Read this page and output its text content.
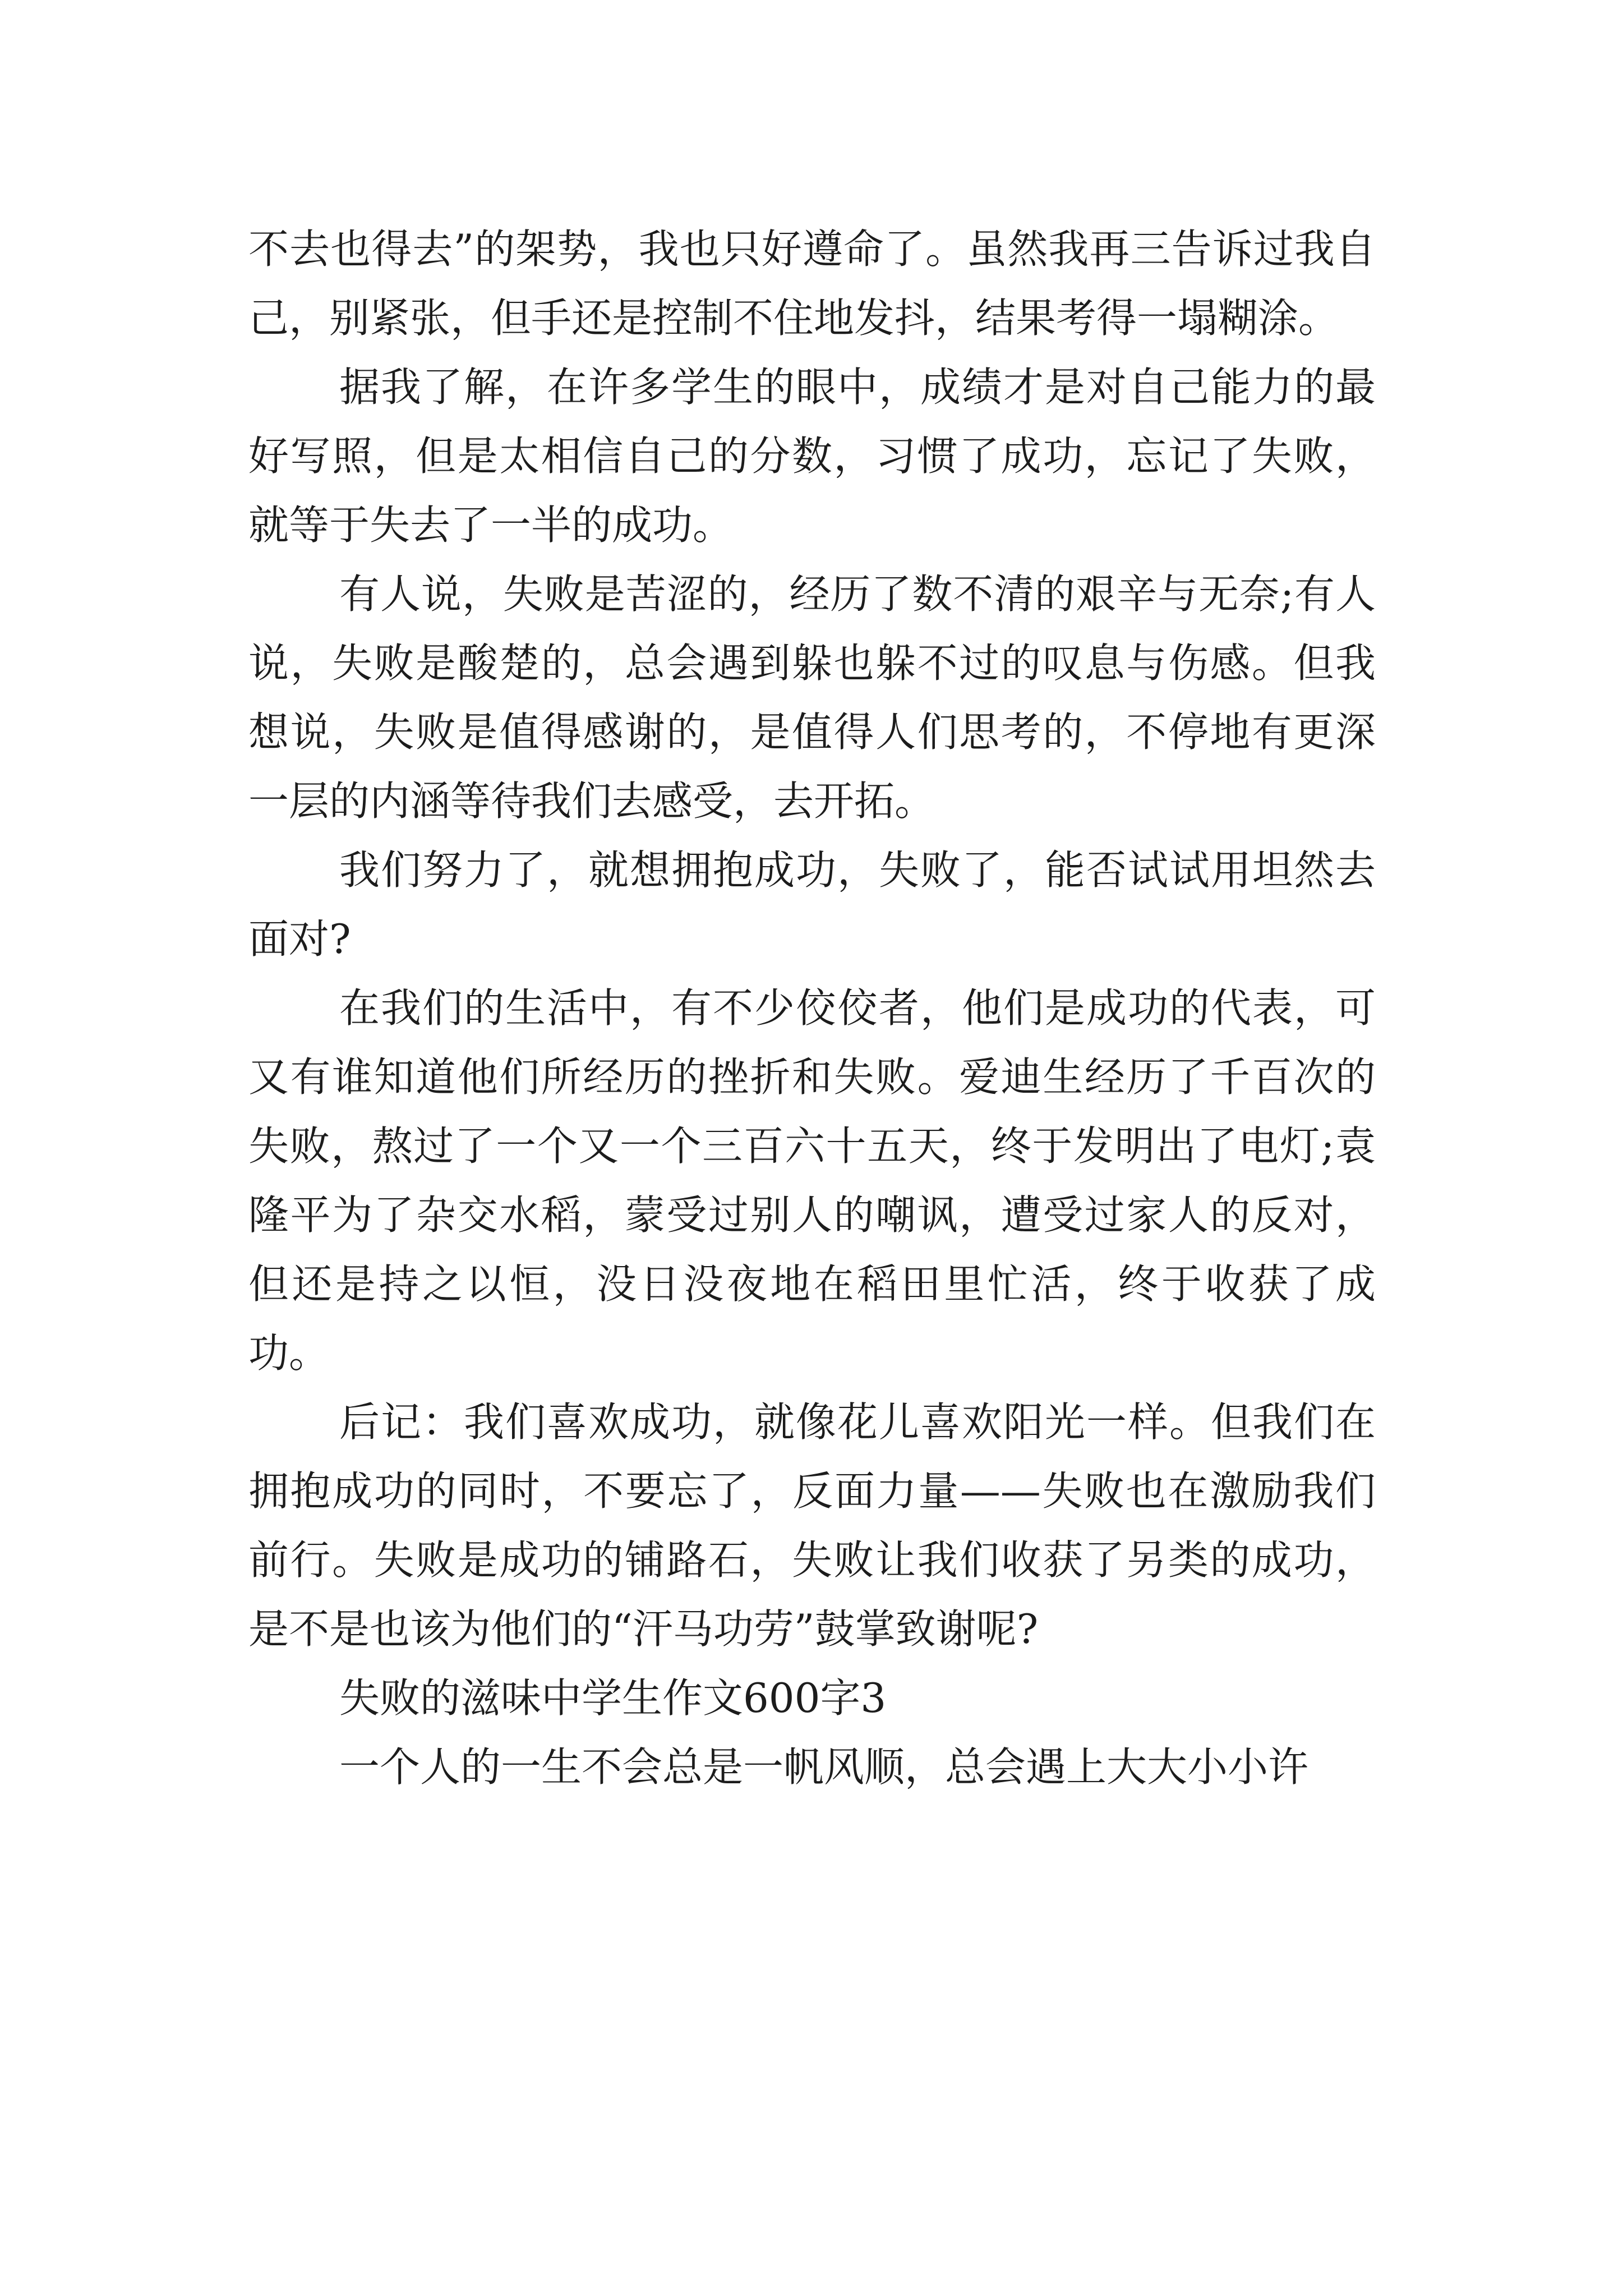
不去也得去”的架势，我也只好遵命了。虽然我再三告诉过我自己，别紧张，但手还是控制不住地发抖，结果考得一塌糊涂。

据我了解，在许多学生的眼中，成绩才是对自己能力的最好写照，但是太相信自己的分数，习惯了成功，忘记了失败，就等于失去了一半的成功。

有人说，失败是苦涩的，经历了数不清的艰辛与无奈;有人说，失败是酸楚的，总会遇到躲也躲不过的叹息与伤感。但我想说，失败是值得感谢的，是值得人们思考的，不停地有更深一层的内涵等待我们去感受，去开拓。

我们努力了，就想拥抱成功，失败了，能否试试用坦然去面对?

在我们的生活中，有不少佼佼者，他们是成功的代表，可又有谁知道他们所经历的挫折和失败。爱迪生经历了千百次的失败，熬过了一个又一个三百六十五天，终于发明出了电灯;袁隆平为了杂交水稻，蒙受过别人的嘲讽，遭受过家人的反对，但还是持之以恒，没日没夜地在稻田里忙活，终于收获了成功。

后记：我们喜欢成功，就像花儿喜欢阳光一样。但我们在拥抱成功的同时，不要忘了，反面力量——失败也在激励我们前行。失败是成功的铺路石，失败让我们收获了另类的成功，是不是也该为他们的“汗马功劳”鼓掌致谢呢?

失败的滋味中学生作文600字3

一个人的一生不会总是一帆风顺，总会遇上大大小小许
